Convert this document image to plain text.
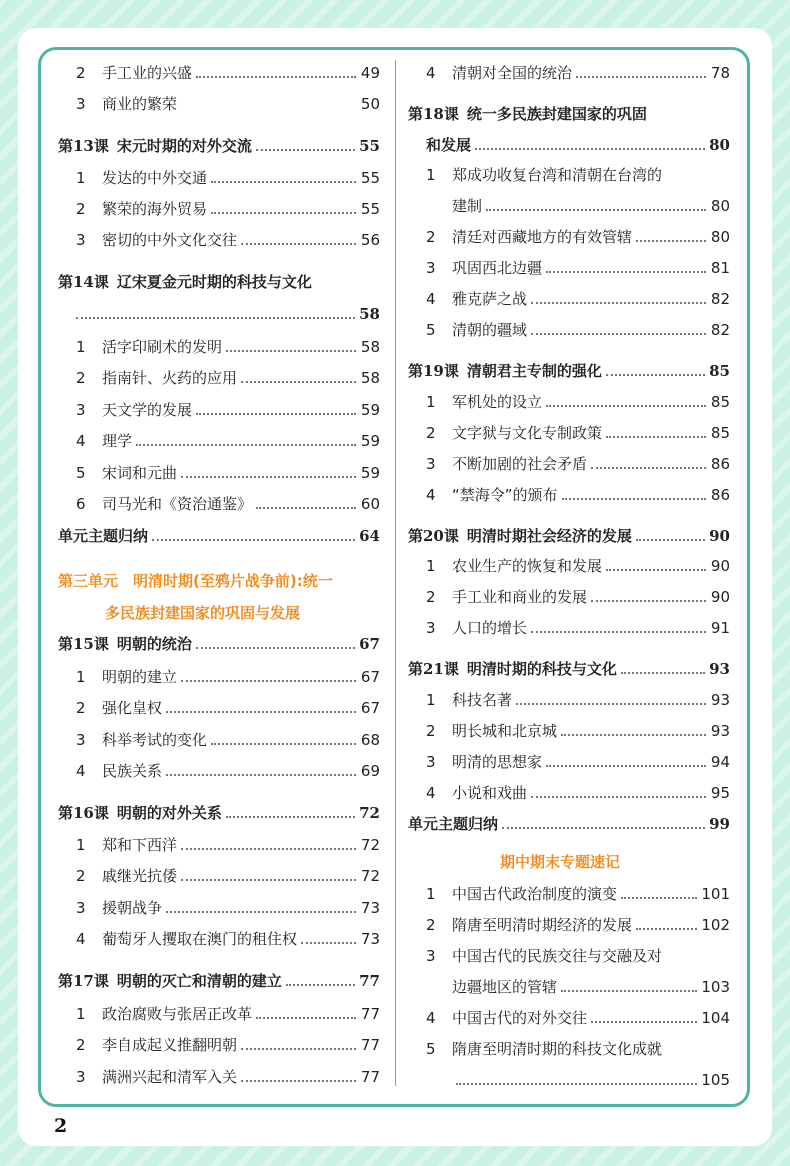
2	手工业的兴盛	49
3	商业的繁荣	50
第13课 宋元时期的对外交流	55
1	发达的中外交通	55
2	繁荣的海外贸易	55
3	密切的中外文化交往	56
第14课 辽宋夏金元时期的科技与文化
58
1	活字印刷术的发明	58
2	指南针、火药的应用	58
3	天文学的发展	59
4	理学	59
5	宋词和元曲	59
6	司马光和《资治通鉴》	60
单元主题归纳	64
第三单元　明清时期(至鸦片战争前):统一
多民族封建国家的巩固与发展
第15课 明朝的统治	67
1	明朝的建立	67
2	强化皇权	67
3	科举考试的变化	68
4	民族关系	69
第16课 明朝的对外关系	72
1	郑和下西洋	72
2	戚继光抗倭	72
3	援朝战争	73
4	葡萄牙人攫取在澳门的租住权	73
第17课 明朝的灭亡和清朝的建立	77
1	政治腐败与张居正改革	77
2	李自成起义推翻明朝	77
3	满洲兴起和清军入关	77
4	清朝对全国的统治	78
第18课 统一多民族封建国家的巩固
和发展	80
1	郑成功收复台湾和清朝在台湾的
建制	80
2	清廷对西藏地方的有效管辖	80
3	巩固西北边疆	81
4	雅克萨之战	82
5	清朝的疆域	82
第19课 清朝君主专制的强化	85
1	军机处的设立	85
2	文字狱与文化专制政策	85
3	不断加剧的社会矛盾	86
4	“禁海令”的颁布	86
第20课 明清时期社会经济的发展	90
1	农业生产的恢复和发展	90
2	手工业和商业的发展	90
3	人口的增长	91
第21课 明清时期的科技与文化	93
1	科技名著	93
2	明长城和北京城	93
3	明清的思想家	94
4	小说和戏曲	95
单元主题归纳	99
期中期末专题速记
1	中国古代政治制度的演变	101
2	隋唐至明清时期经济的发展	102
3	中国古代的民族交往与交融及对
边疆地区的管辖	103
4	中国古代的对外交往	104
5	隋唐至明清时期的科技文化成就
105
2
